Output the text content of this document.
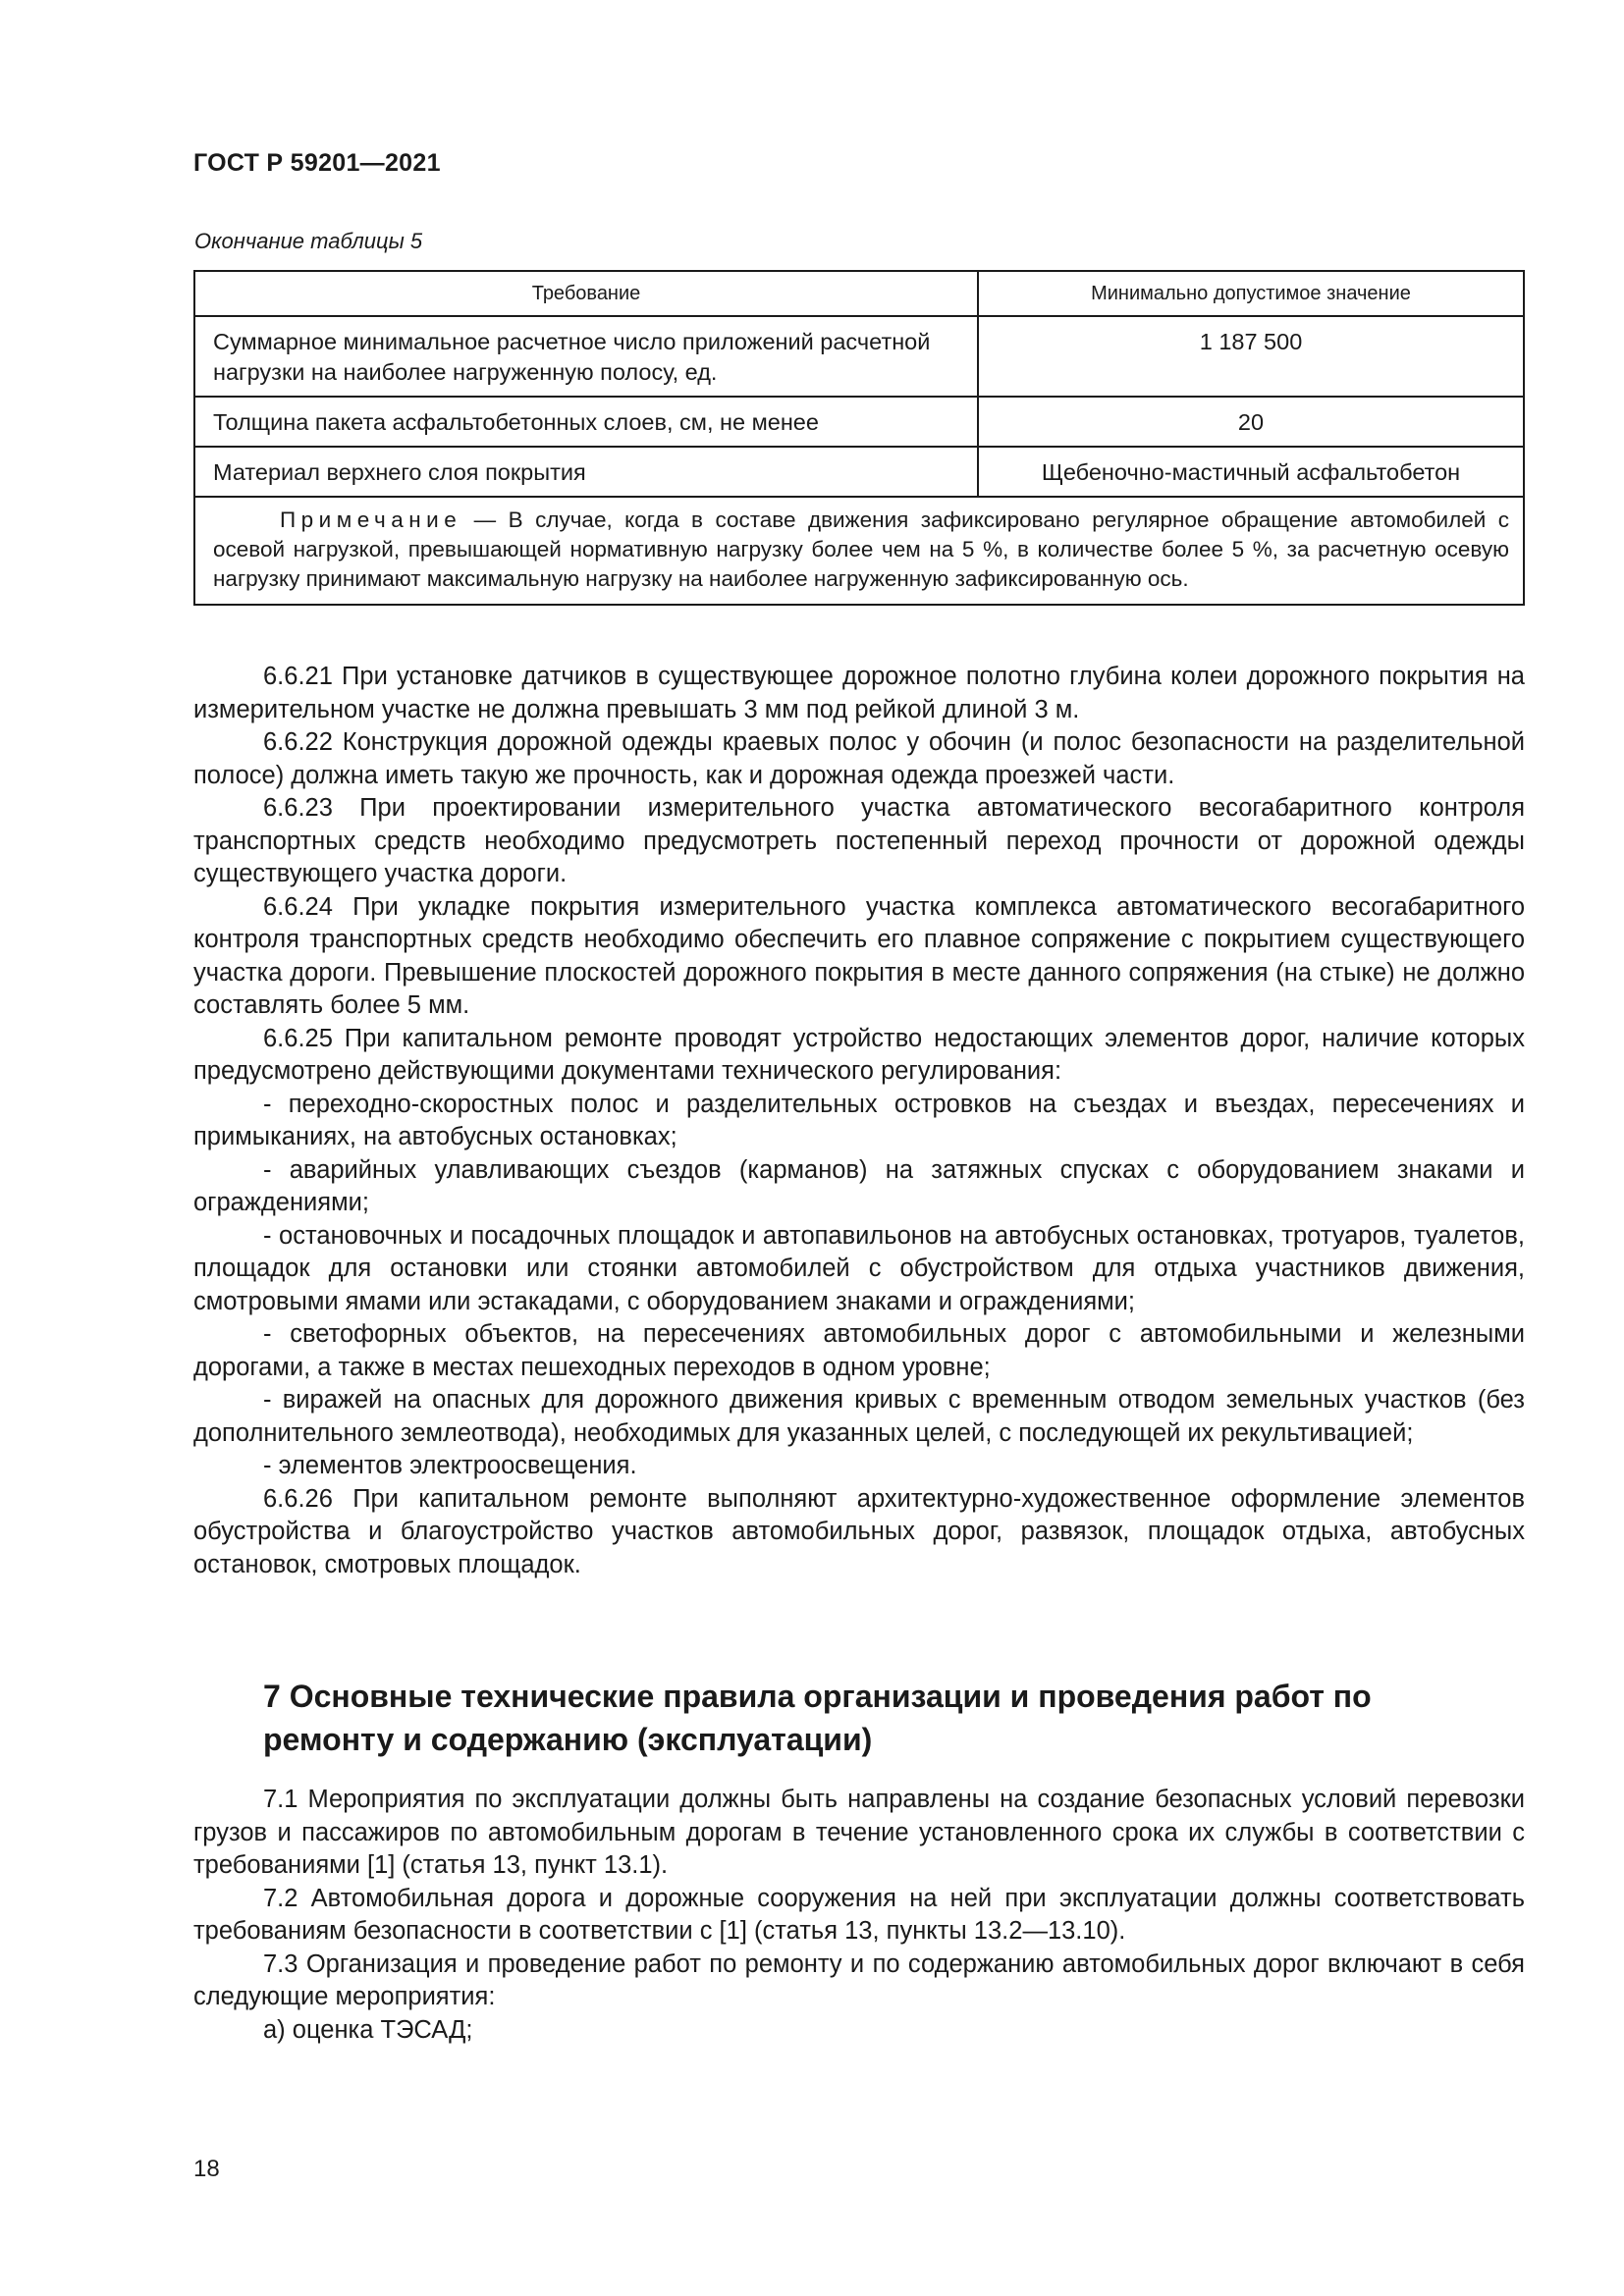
ГОСТ Р 59201—2021
Окончание таблицы 5
Требование	Минимально допустимое значение
Суммарное минимальное расчетное число приложений расчетной нагрузки на наиболее нагруженную полосу, ед.	1 187 500
Толщина пакета асфальтобетонных слоев, см, не менее	20
Материал верхнего слоя покрытия	Щебеночно-мастичный асфальтобетон
Примечание — В случае, когда в составе движения зафиксировано регулярное обращение автомобилей с осевой нагрузкой, превышающей нормативную нагрузку более чем на 5 %, в количестве более 5 %, за расчетную осевую нагрузку принимают максимальную нагрузку на наиболее нагруженную зафиксированную ось.	

6.6.21 При установке датчиков в существующее дорожное полотно глубина колеи дорожного покрытия на измерительном участке не должна превышать 3 мм под рейкой длиной 3 м.

6.6.22 Конструкция дорожной одежды краевых полос у обочин (и полос безопасности на разделительной полосе) должна иметь такую же прочность, как и дорожная одежда проезжей части.

6.6.23 При проектировании измерительного участка автоматического весогабаритного контроля транспортных средств необходимо предусмотреть постепенный переход прочности от дорожной одежды существующего участка дороги.

6.6.24 При укладке покрытия измерительного участка комплекса автоматического весогабаритного контроля транспортных средств необходимо обеспечить его плавное сопряжение с покрытием существующего участка дороги. Превышение плоскостей дорожного покрытия в месте данного сопряжения (на стыке) не должно составлять более 5 мм.

6.6.25 При капитальном ремонте проводят устройство недостающих элементов дорог, наличие которых предусмотрено действующими документами технического регулирования:

- переходно-скоростных полос и разделительных островков на съездах и въездах, пересечениях и примыканиях, на автобусных остановках;

- аварийных улавливающих съездов (карманов) на затяжных спусках с оборудованием знаками и ограждениями;

- остановочных и посадочных площадок и автопавильонов на автобусных остановках, тротуаров, туалетов, площадок для остановки или стоянки автомобилей с обустройством для отдыха участников движения, смотровыми ямами или эстакадами, с оборудованием знаками и ограждениями;

- светофорных объектов, на пересечениях автомобильных дорог с автомобильными и железными дорогами, а также в местах пешеходных переходов в одном уровне;

- виражей на опасных для дорожного движения кривых с временным отводом земельных участков (без дополнительного землеотвода), необходимых для указанных целей, с последующей их рекультивацией;

- элементов электроосвещения.

6.6.26 При капитальном ремонте выполняют архитектурно-художественное оформление элементов обустройства и благоустройство участков автомобильных дорог, развязок, площадок отдыха, автобусных остановок, смотровых площадок.

7 Основные технические правила организации и проведения работ по ремонту и содержанию (эксплуатации)

7.1 Мероприятия по эксплуатации должны быть направлены на создание безопасных условий перевозки грузов и пассажиров по автомобильным дорогам в течение установленного срока их службы в соответствии с требованиями [1] (статья 13, пункт 13.1).

7.2 Автомобильная дорога и дорожные сооружения на ней при эксплуатации должны соответствовать требованиям безопасности в соответствии с [1] (статья 13, пункты 13.2—13.10).

7.3 Организация и проведение работ по ремонту и по содержанию автомобильных дорог включают в себя следующие мероприятия:

а) оценка ТЭСАД;

18
